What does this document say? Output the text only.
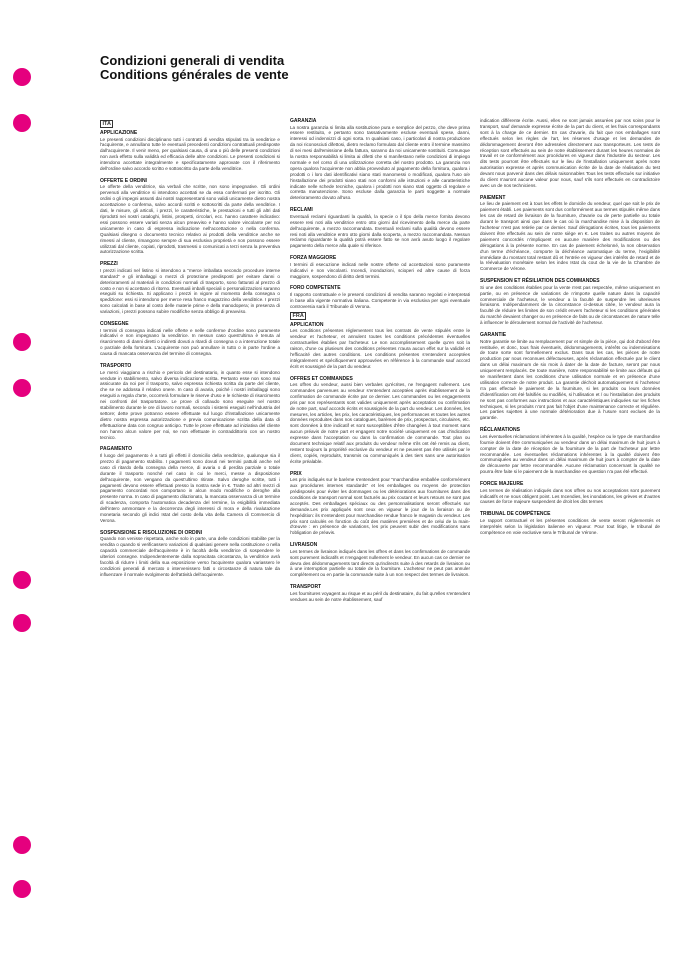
Condizioni generali di vendita
Conditions générales de vente
ITA
APPLICAZIONE

Le presenti condizioni disciplinano tutti i contratti di vendita stipulati tra la venditrice e l'acquirente, e annullano tutte le eventuali precedenti condizioni contrattuali predisposte dall'acquirente. Il venir meno, per qualsiasi causa, di una o più delle presenti condizioni non avrà effetto sulla validità ed efficacia delle altre condizioni. Le presenti condizioni si intendono accettate integralmente e specificatamente approvate con il riferimento dell'ordine salvo accordo scritto e sottoscritto da parte della venditrice.

OFFERTE E ORDINI

Le offerte della venditrice, sia verbali che scritte, non sono impegnative. Gli ordini pervenuti alla venditrice si intendono accettati se da essa confermati per iscritto. Gli ordini o gli impegni assunti dai nostri rappresentanti sono validi unicamente dietro nostra accettazione o conferma, salvo accordi scritti e sottoscritti da parte della venditrice. I dati, le misure, gli articoli, i prezzi, le caratteristiche, le prestazioni e tutti gli altri dati riprodotti nei nostri cataloghi, listini, prospetti, circolari, ecc. hanno carattere indicativo: essi possono essere variati senza alcun preavviso e hanno valore vincolante per noi unicamente in caso di espressa indicazione nell'accettazione o nella conferma. Qualsiasi disegno o documento tecnico relativo ai prodotti della venditrice anche se rimessi al cliente, rimangono sempre di sua esclusiva proprietà e non possono essere utilizzati dal cliente, copiati, riprodotti, trasmessi o comunicati a terzi senza la preventiva autorizzazione scritta.

PREZZI

I prezzi indicati nel listino si intendono a "merce imballata secondo procedure interne standard" e gli imballaggi o mezzi di protezione predisposti per evitare danni o deterioramenti al materiali in condizioni normali di trasporto, sono fatturati al prezzo di costo e non si accettano di ritorno. Eventuali imballi speciali o personalizzazioni saranno eseguiti su richiesta. Si applicano i prezzi in vigore al momento della consegna o spedizione: essi si intendono per merce resa franco magazzino della venditrice. I prezzi sono calcolati in base al costo delle materie prime e della manodopera; in presenza di variazioni, i prezzi possono subire modifiche senza obbligo di preavviso.

CONSEGNE

I termini di consegna indicati nelle offerte e nelle conferme d'ordine sono puramente indicativi e non impegnano la venditrice. In nessun caso quest'ultima è tenuta al risarcimento di danni diretti o indiretti dovuti a ritardi di consegna o a interruzione totale o parziale della fornitura. L'acquirente non può annullare in tutto o in parte l'ordine a causa di mancata osservanza del termine di consegna.

TRASPORTO

Le merci viaggiano a rischio e pericolo del destinatario, in quanto esse si intendono vendute in stabilimento, salvo diversa indicazione scritta. Pertanto esse non sono mai assicurate da noi per il trasporto, salvo espressa richiesta scritta da parte del cliente, che se ne addossa il relativo onere. In caso di avaria, poiché i nostri imballaggi sono eseguiti a regola d'arte, occorrerà formulare le riserve d'uso e le richieste di risarcimento nei confronti del trasportatore. Le prove di collaudo sono eseguite nel nostro stabilimento durante le ore di lavoro normali, secondo i sistemi eseguiti nell'industria del settore; dette prove potranno essere effettuate sul luogo d'installazione unicamente dietro nostra espressa autorizzazione e previa comunicazione scritta della data di effettuazione data con congruo anticipo. Tutte le prove effettuate ad iniziativa del cliente non hanno alcun valore per noi, se non effettuate in contraddittorio con un nostro tecnico.

PAGAMENTO

Il luogo del pagamento è a tutti gli effetti il domicilio della venditrice, qualunque sia il prezzo di pagamento stabilito. I pagamenti sono dovuti nei termini pattuiti anche nel caso di ritardo della consegna della merce, di avaria o di perdita parziale o totale durante il trasporto nonché nel caso in cui le merci, messe a disposizione dell'acquirente, non vengano da quest'ultimo ritirate. Salvo deroghe scritte, tutti i pagamenti devono essere effettuati presso la nostra sede in €. Tratte od altri mezzi di pagamento concordati non comportano in alcun modo modifiche o deroghe alla presente norma. In caso di pagamento dilazionato, la mancata osservanza di un termine di scadenza, comporta l'automatica decadenza del termine, la esigibilità immediata dell'intero ammontare e la decorrenza degli interessi di mora e della rivalutazione monetaria secondo gli indici Istat del costo della vita della Camera di Commercio di Verona.

SOSPENSIONE E RISOLUZIONE DI ORDINI

Quando non venisse rispettata, anche solo in parte, una delle condizioni stabilite per la vendita o quando si verificassero variazioni di qualsiasi genere nella costituzione o nella capacità commerciale dell'acquirente è in facoltà della venditrice di sospendere le ulteriori consegne. Indipendentemente dalla sopracitata circostanza, la venditrice avrà facoltà di ridurre i limiti della sua esposizione verso l'acquirente qualora variassero le condizioni generali di mercato o intervenissero fatti o circostanze di natura tale da influenzare il normale svolgimento dell'attività dell'acquirente.

GARANZIA

La nostra garanzia si limita alla sostituzione pura e semplice del pezzo, che deve prima essere restituito, e pertanto sono tassativamente escluse eventuali spese, danni, interessi od indennizzi di ogni sorta. In qualsiasi caso, i particolari di nostra produzione da noi riconosciuti difettosi, dietro reclamo formulato dal cliente entro il termine massimo di sei mesi dall'emissione della fattura, saranno da noi unicamente sostituiti. Comunque la nostra responsabilità si limita ai difetti che si manifestano nelle condizioni di impiego normale e nel corso di una utilizzazione corretta del nostro prodotto. La garanzia non opera qualora l'acquirente non abbia provveduto al pagamento della fornitura, qualora i prodotti o i loro dati identificativi siano stati manomessi o modificati, qualora l'uso o/e l'installazione dei prodotti siano stati non conformi alle istruzioni e alle caratteristiche indicate nelle schede tecniche, qualora i prodotti non siano stati oggetto di regolare e corretta manutenzione. Sono escluse dalla garanzia le parti soggette a normale deterioramento dovuto all'uso.

RECLAMI

Eventuali reclami riguardanti la qualità, la specie o il tipo della merce fornita devono essere resi noti alla venditrice entro otto giorni dal ricevimento della merce da parte dell'acquirente, a mezzo raccomandata. Eventuali reclami sulla qualità devono essere resi noti alla venditrice entro otto giorni dalla scoperta, a mezzo raccomandata. Nessun reclamo riguardante la qualità potrà essere fatto se non avrà avuto luogo il regolare pagamento della merce alla quale si riferisce.

FORZA MAGGIORE

I termini di esecuzione indicati nelle nostre offerte od accettazioni sono puramente indicativi e non vincolanti. Incendi, inondazioni, scioperi ed altre cause di forza maggiore, sospendono di diritto detti termini.

FORO COMPETENTE

Il rapporto contrattuale e le presenti condizioni di vendita saranno regolati e interpretati in base alla vigente normativa italiana. Competente in via esclusiva per ogni eventuale controversia sarà il Tribunale di Verona.

FRA
APPLICATION

Les conditions présentes réglementent tous les contrats de vente stipulés entre le vendeur et l'acheteur, et annulent toutes les conditions précédentes éventuelles contractuelles établies par l'acheteur. Le non accomplissement quelle qu'en soit la raison, d'une ou plusieurs des conditions présentes n'aura aucun effet sur la validité et l'efficacité des autres conditions. Les conditions présentes s'entendent acceptées intégralement et spécifiquement approuvées en référence à la commande sauf accord écrit et soussigné de la part du vendeur.

OFFRES ET COMMANDES

Les offres du vendeur, aussi bien verbales qu'écrites, ne l'engagent nullement. Les commandes parvenues au vendeur s'entendent acceptées après établissement de la confirmation de commande écrite par ce dernier. Les commandes ou les engagements pris par nos représentants sont valides uniquement après acceptation ou confirmation de notre part, sauf accords écrits et soussignés de la part du vendeur. Les données, les mesures, les articles, les prix, les caractéristiques, les performances et toutes les autres données reproduites dans nos catalogues, barèmes de prix, prospectus, circulaires, etc. sont données à titre indicatif et sont susceptibles d'être changées à tout moment sans aucun préavis de notre part et engagent notre société uniquement en cas d'indication expresse dans l'acceptation ou dans la confirmation de commande. Tout plan ou document technique relatif aux produits du vendeur même s'ils ont été remis au client, restent toujours la propriété exclusive du vendeur et ne peuvent pas être utilisés par le client, copiés, reproduits, transmis ou communiqués à des tiers sans une autorisation écrite préalable.

PRIX

Les prix indiqués sur le barème s'entendent pour "marchandise emballée conformément aux procédures internes standards" et les emballages ou moyens de protection prédisposés pour éviter les dommages ou les détériorations aux fournitures dans des conditions de transport normal sont facturés au prix coutant et leurs retours ne sont pas acceptés. Des emballages spéciaux ou des personnalisations seront effectués sur demande.Les prix appliqués sont ceux en vigueur le jour de la livraison ou de l'expédition: ils s'entendent pour marchandise rendue franco le magasin du vendeur. Les prix sont calculés en fonction du coût des matières premières et de celui de la main-d'œuvre : en présence de variations, les prix peuvent subir des modifications sans l'obligation de préavis.

LIVRAISON

Les termes de livraison indiqués dans les offres et dans les confirmations de commande sont purement indicatifs et n'engagent nullement le vendeur. En aucun cas ce dernier ne devra des dédommagements tant directs qu'indirects suite à des retards de livraison ou à une interruption partielle ou totale de la fourniture. L'acheteur ne peut pas annuler complètement ou en partie la commande suite à un non respect des termes de livraison.

TRANSPORT

Les fournitures voyagent au risque et au péril du destinataire, du fait qu'elles s'entendent vendues au sein de notre établissement, sauf

indication différente écrite. Aussi, elles ne sont jamais assurées par nos soins pour le transport, sauf demande expresse écrite de la part du client, et les frais correspondants sont à la charge de ce dernier. En cas d'avarie, du fait que nos emballages sont effectués selon les règles de l'art, les réserves d'usage et les demandes de dédommagement devront être adressées directement aux transporteurs. Les tests de réception sont effectués au sein de notre établissement durant les heures normales de travail et ce conformément aux procédures en vigueur dans l'industrie du secteur. Les dits tests pourront être effectués sur le lieu de l'installation uniquement après notre autorisation expresse et après communication écrite de la date de réalisation du test devant nous parvenir dans des délais raisonnables Tous les tests effectués sur initiative du client n'auront aucune valeur pour nous, sauf s'ils sont effectués en contradictoire avec un de nos techniciens.

PAIEMENT

Le lieu de paiement est à tous les effets le domicile du vendeur, quel que soit le prix de paiement établi. Les paiements sont dus conformément aux termes stipulés même dans les cas de retard de livraison de la fourniture, d'avarie ou de perte partielle ou totale durant le transport ainsi que dans le cas où la marchandise mise à la disposition de l'acheteur n'est pas retirée par ce dernier. Sauf dérogations écrites, tous les paiements doivent être effectués au sein de notre siège en €. Les traites ou autres moyens de paiement concordés n'impliquent en aucune manière des modifications ou des dérogations à la présente norme. En cas de paiement échelonné, la non observation d'un terme d'échéance, comporte la déchéance automatique du terme, l'exigibilité immédiate du montant total restant dû et l'entrée en vigueur des intérêts de retard et de la réévaluation monétaire selon les index Istat du cout de la vie de la Chambre de Commerce de Vérone.

SUSPENSION ET RÉSILIATION DES COMMANDES

Si une des conditions établies pour la vente n'est pas respectée, même uniquement en partie, ou en présence de variations de n'importe quelle nature dans la capacité commerciale de l'acheteur, le vendeur a la faculté de suspendre les ulterieures livraisons. Indépendamment de la circonstance ci-dessus citée, le vendeur aura la faculté de réduire les limites de son crédit envers l'acheteur si les conditions générales du marché devaient changer ou en présence de faits ou de circonstances de nature telle à influencer le déroulement normal de l'activité de l'acheteur.

GARANTIE

Notre garantie se limite au remplacement pur et simple de la pièce, qui doit d'abord être restituée, et donc, tous frais éventuels, dédommagements, intérêts ou indemnisations de toute sorte sont formellement exclus. Dans tous les cas, les pièces de notre production par nous reconnues défectueuses, après réclamation effectuée par le client dans un délai maximum de six mois à dater de la date de facture, seront par nous uniquement remplacés. De toute manière, notre responsabilité se limite aux défauts qui se manifestent dans les conditions d'une utilisation normale et en présence d'une utilisation correcte de notre produit. La garantie déchoit automatiquement si l'acheteur n'a pas effectué le paiement de la fourniture, si les produits ou leurs données d'identification ont été falsifiés ou modifiés, si l'utilisation et / ou l'installation des produits ne sont pas conformes aux instructions et aux caractéristiques indiquées sur les fiches techniques, si les produits n'ont pas fait l'objet d'une maintenance correcte et régulière. Les parties sujettes à une normale détérioration due à l'usure sont exclues de la garantie.

RÉCLAMATIONS

Les éventuelles réclamations inhérentes à la qualité, l'espèce ou le type de marchandise fournie doivent être communiquées au vendeur dans un délai maximum de huit jours à compter de la date de réception de la fourniture de la part de l'acheteur par lettre recommandée. Les éventuelles réclamations inhérentes à la qualité doivent être communiquées au vendeur dans un délai maximum de huit jours à compter de la date de découverte par lettre recommandée. Aucune réclamation concernant la qualité ne pourra être faite si le paiement de la marchandise en question n'a pas été effectué.

FORCE MAJEURE

Les termes de réalisation indiqués dans nos offres ou nos acceptations sont purement indicatifs et ne nous obligent point. Les Incendies, les inondations, les grèves et d'autres causes de force majeure suspendent de droit les dits termes

TRIBUNAL DE COMPÉTENCE

Le rapport contractuel et les présentes conditions de vente seront réglementés et interprétés selon la législation italienne en vigueur. Pour tout litige, le tribunal de compétence en voie exclusive sera le Tribunal de Vérone.
